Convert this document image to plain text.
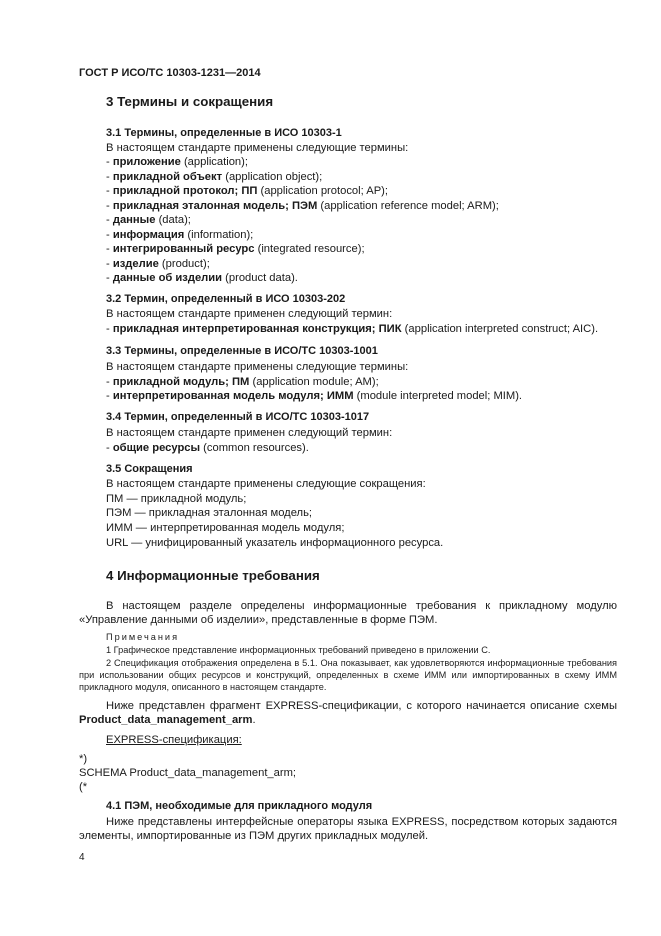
ГОСТ Р ИСО/ТС 10303-1231—2014
3 Термины и сокращения
3.1 Термины, определенные в ИСО 10303-1
В настоящем стандарте применены следующие термины:
- приложение (application);
- прикладной объект (application object);
- прикладной протокол; ПП (application protocol; AP);
- прикладная эталонная модель; ПЭМ (application reference model; ARM);
- данные (data);
- информация (information);
- интегрированный ресурс (integrated resource);
- изделие (product);
- данные об изделии (product data).
3.2 Термин, определенный в ИСО 10303-202
В настоящем стандарте применен следующий термин:
- прикладная интерпретированная конструкция; ПИК (application interpreted construct; AIC).
3.3 Термины, определенные в ИСО/ТС 10303-1001
В настоящем стандарте применены следующие термины:
- прикладной модуль; ПМ (application module; AM);
- интерпретированная модель модуля; ИММ (module interpreted model; MIM).
3.4 Термин, определенный в ИСО/ТС 10303-1017
В настоящем стандарте применен следующий термин:
- общие ресурсы (common resources).
3.5 Сокращения
В настоящем стандарте применены следующие сокращения:
ПМ — прикладной модуль;
ПЭМ — прикладная эталонная модель;
ИММ — интерпретированная модель модуля;
URL — унифицированный указатель информационного ресурса.
4 Информационные требования
В настоящем разделе определены информационные требования к прикладному модулю «Управление данными об изделии», представленные в форме ПЭМ.
Примечания
1 Графическое представление информационных требований приведено в приложении С.
2 Спецификация отображения определена в 5.1. Она показывает, как удовлетворяются информационные требования при использовании общих ресурсов и конструкций, определенных в схеме ИММ или импортированных в схему ИММ прикладного модуля, описанного в настоящем стандарте.
Ниже представлен фрагмент EXPRESS-спецификации, с которого начинается описание схемы Product_data_management_arm.
EXPRESS-спецификация:
*)
SCHEMA Product_data_management_arm;
(*
4.1 ПЭМ, необходимые для прикладного модуля
Ниже представлены интерфейсные операторы языка EXPRESS, посредством которых задаются элементы, импортированные из ПЭМ других прикладных модулей.
4
